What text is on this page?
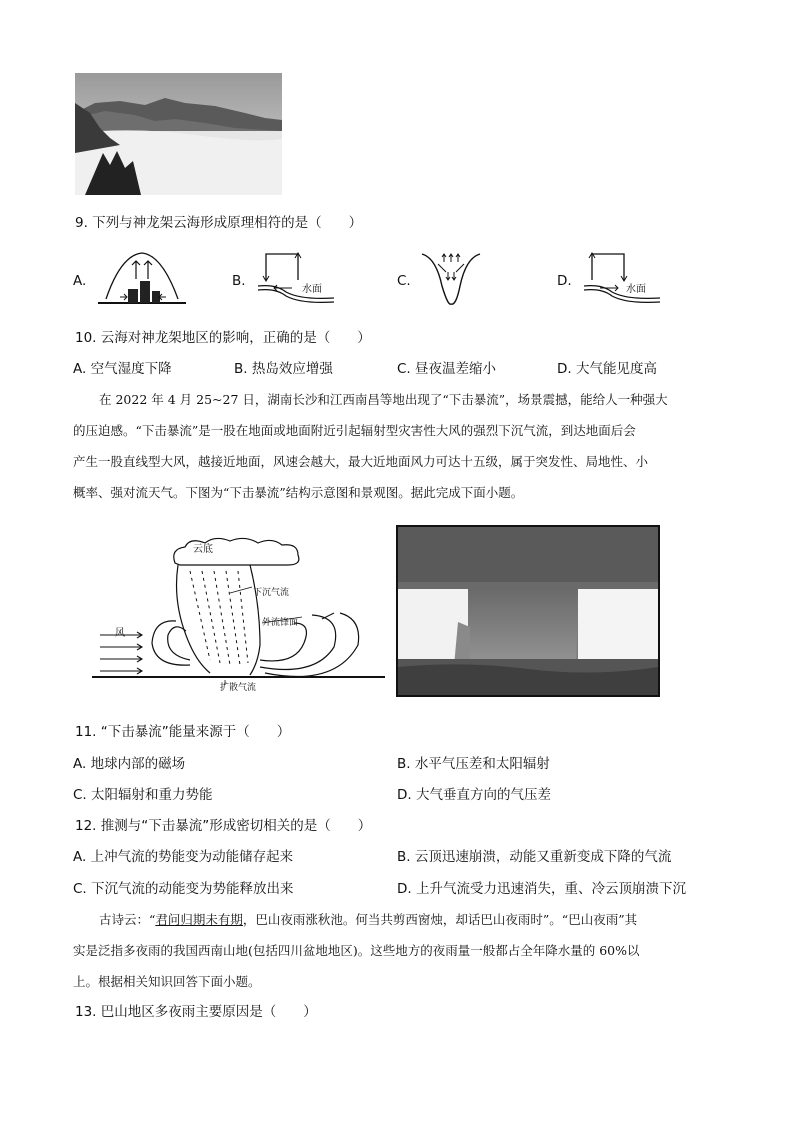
9. 下列与神龙架云海形成原理相符的是（　　）
A.	B.
水面
C.	D.
水面
10. 云海对神龙架地区的影响，正确的是（　　）
A. 空气湿度下降	B. 热岛效应增强	C. 昼夜温差缩小	D. 大气能见度高
在 2022 年 4 月 25~27 日，湖南长沙和江西南昌等地出现了“下击暴流”，场景震撼，能给人一种强大
的压迫感。“下击暴流”是一股在地面或地面附近引起辐射型灾害性大风的强烈下沉气流，到达地面后会
产生一股直线型大风，越接近地面，风速会越大，最大近地面风力可达十五级，属于突发性、局地性、小
概率、强对流天气。下图为“下击暴流”结构示意图和景观图。据此完成下面小题。
云底
下沉气流
外流锋面
风
扩散气流
11. “下击暴流”能量来源于（　　）
A. 地球内部的磁场	B. 水平气压差和太阳辐射
C. 太阳辐射和重力势能	D. 大气垂直方向的气压差
12. 推测与“下击暴流”形成密切相关的是（　　）
A. 上冲气流的势能变为动能储存起来	B. 云顶迅速崩溃，动能又重新变成下降的气流
C. 下沉气流的动能变为势能释放出来	D. 上升气流受力迅速消失，重、冷云顶崩溃下沉
古诗云：“君问归期未有期，巴山夜雨涨秋池。何当共剪西窗烛，却话巴山夜雨时”。“巴山夜雨”其
实是泛指多夜雨的我国西南山地(包括四川盆地地区)。这些地方的夜雨量一般都占全年降水量的 60%以
上。根据相关知识回答下面小题。
13. 巴山地区多夜雨主要原因是（　　）
